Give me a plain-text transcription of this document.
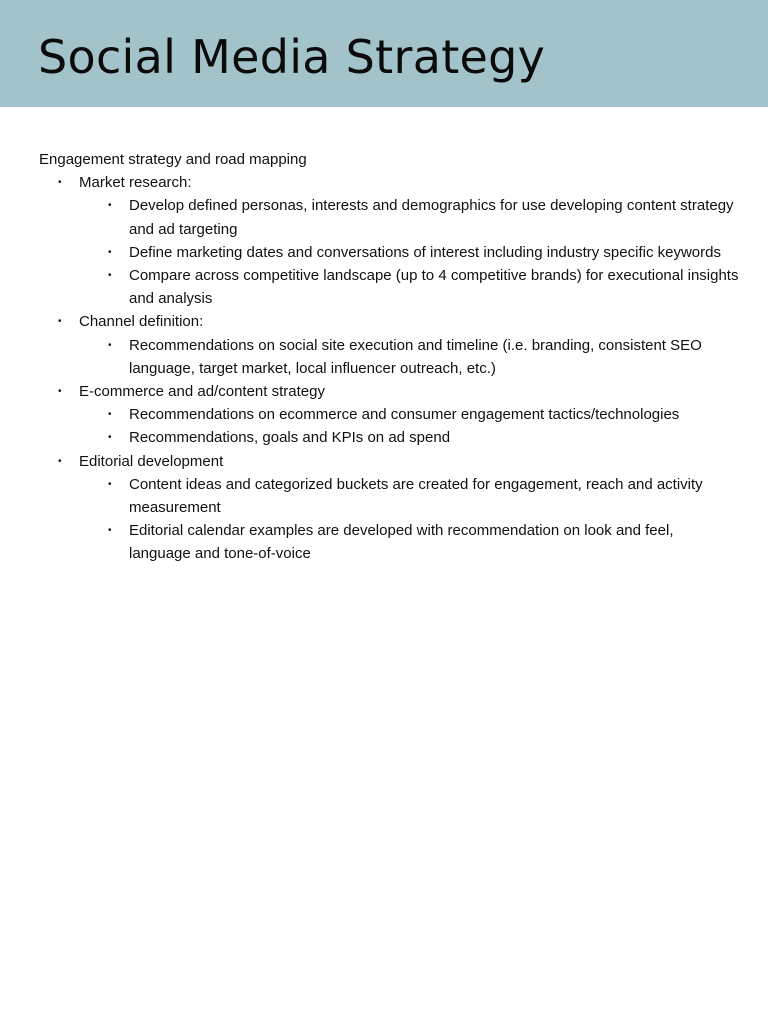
Social Media Strategy

Engagement strategy and road mapping

• Market research:
• Develop defined personas, interests and demographics for use developing content strategy and ad targeting
• Define marketing dates and conversations of interest including industry specific keywords
• Compare across competitive landscape (up to 4 competitive brands) for executional insights and analysis
• Channel definition:
• Recommendations on social site execution and timeline (i.e. branding, consistent SEO language, target market, local influencer outreach, etc.)
• E-commerce and ad/content strategy
• Recommendations on ecommerce and consumer engagement tactics/technologies
• Recommendations, goals and KPIs on ad spend
• Editorial development
• Content ideas and categorized buckets are created for engagement, reach and activity measurement
• Editorial calendar examples are developed with recommendation on look and feel, language and tone-of-voice
